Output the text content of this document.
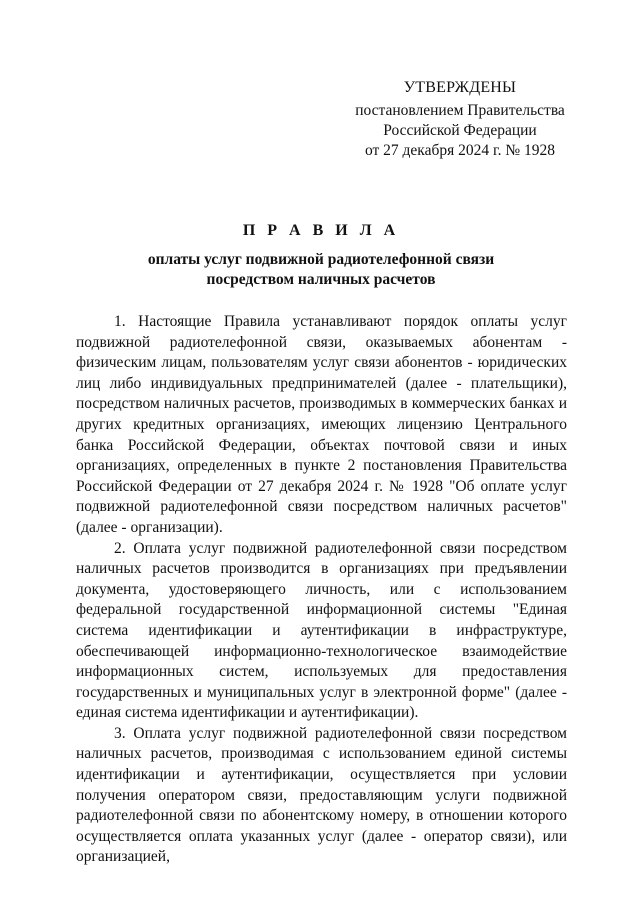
УТВЕРЖДЕНЫ
постановлением Правительства
Российской Федерации
от 27 декабря 2024 г. № 1928
П Р А В И Л А
оплаты услуг подвижной радиотелефонной связи
посредством наличных расчетов

1. Настоящие Правила устанавливают порядок оплаты услуг подвижной радиотелефонной связи, оказываемых абонентам - физическим лицам, пользователям услуг связи абонентов - юридических лиц либо индивидуальных предпринимателей (далее - плательщики), посредством наличных расчетов, производимых в коммерческих банках и других кредитных организациях, имеющих лицензию Центрального банка Российской Федерации, объектах почтовой связи и иных организациях, определенных в пункте 2 постановления Правительства Российской Федерации от 27 декабря 2024 г. № 1928 "Об оплате услуг подвижной радиотелефонной связи посредством наличных расчетов" (далее - организации).

2. Оплата услуг подвижной радиотелефонной связи посредством наличных расчетов производится в организациях при предъявлении документа, удостоверяющего личность, или с использованием федеральной государственной информационной системы "Единая система идентификации и аутентификации в инфраструктуре, обеспечивающей информационно-технологическое взаимодействие информационных систем, используемых для предоставления государственных и муниципальных услуг в электронной форме" (далее - единая система идентификации и аутентификации).

3. Оплата услуг подвижной радиотелефонной связи посредством наличных расчетов, производимая с использованием единой системы идентификации и аутентификации, осуществляется при условии получения оператором связи, предоставляющим услуги подвижной радиотелефонной связи по абонентскому номеру, в отношении которого осуществляется оплата указанных услуг (далее - оператор связи), или организацией,
